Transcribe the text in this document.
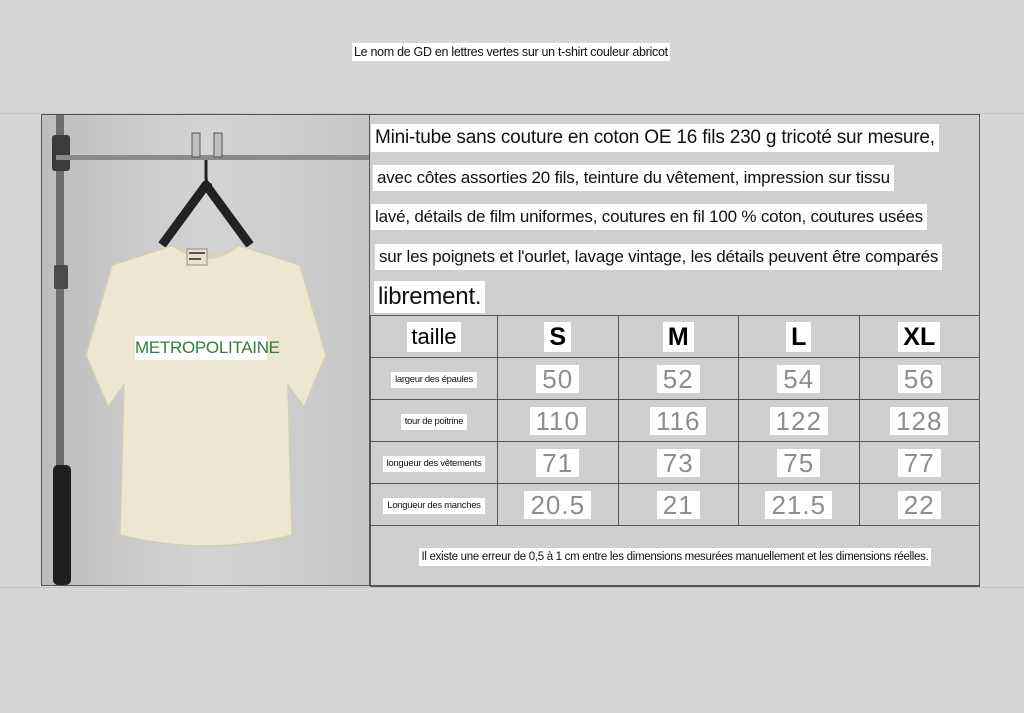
Le nom de GD en lettres vertes sur un t-shirt couleur abricot
METROPOLITAINE
Mini-tube sans couture en coton OE 16 fils 230 g tricoté sur mesure,
avec côtes assorties 20 fils, teinture du vêtement, impression sur tissu
lavé, détails de film uniformes, coutures en fil 100 % coton, coutures usées
sur les poignets et l'ourlet, lavage vintage, les détails peuvent être comparés
librement.
taille	S	M	L	XL
largeur des épaules	50	52	54	56
tour de poitrine	110	116	122	128
longueur des vêtements	71	73	75	77
Longueur des manches	20.5	21	21.5	22
Il existe une erreur de 0,5 à 1 cm entre les dimensions mesurées manuellement et les dimensions réelles.				
